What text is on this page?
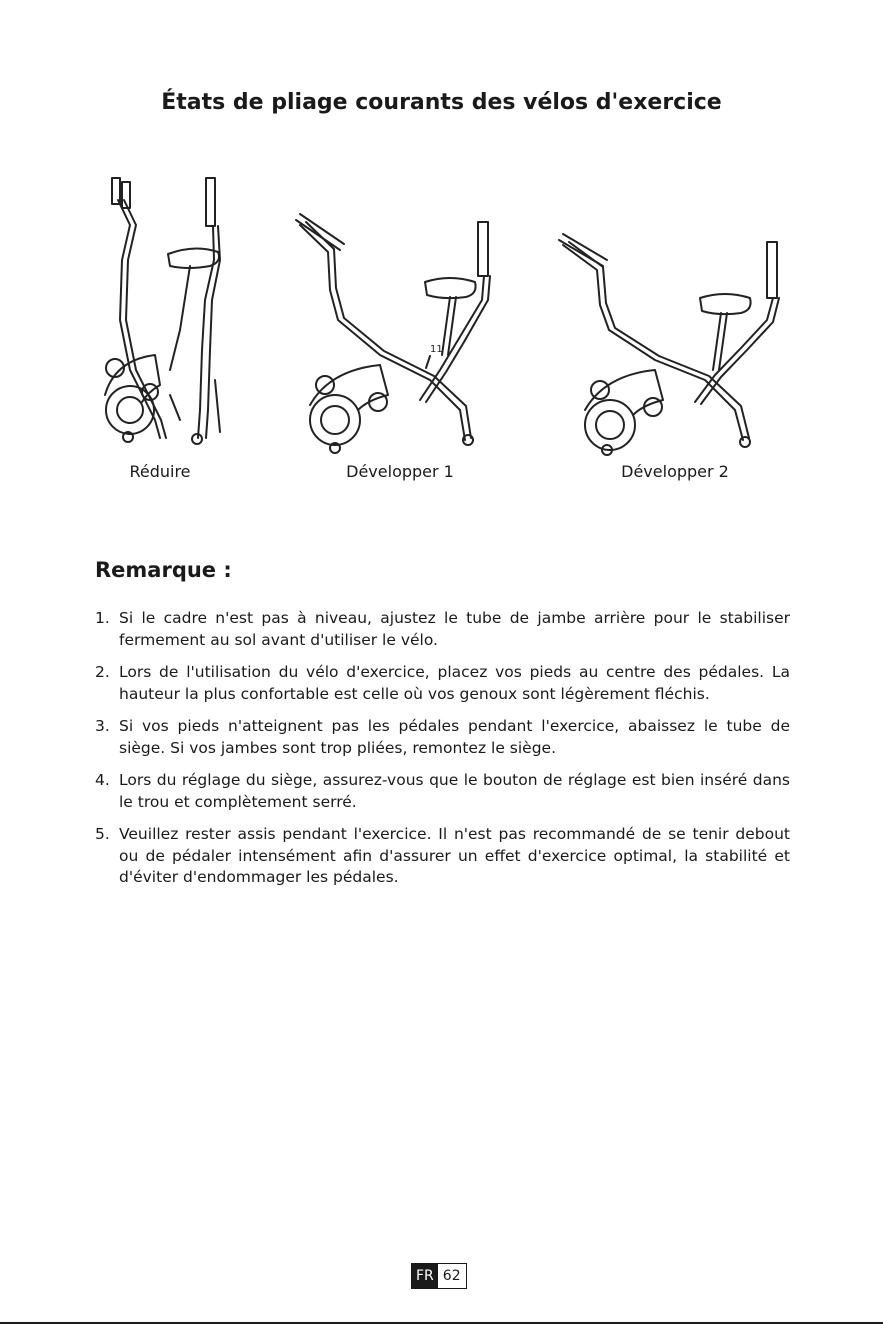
États de pliage courants des vélos d'exercice
Réduire
11
Développer 1	Développer 2
Remarque :
1. Si le cadre n'est pas à niveau, ajustez le tube de jambe arrière pour le stabiliser fermement au sol avant d'utiliser le vélo.
2. Lors de l'utilisation du vélo d'exercice, placez vos pieds au centre des pédales. La hauteur la plus confortable est celle où vos genoux sont légèrement fléchis.
3. Si vos pieds n'atteignent pas les pédales pendant l'exercice, abaissez le tube de siège. Si vos jambes sont trop pliées, remontez le siège.
4. Lors du réglage du siège, assurez-vous que le bouton de réglage est bien inséré dans le trou et complètement serré.
5. Veuillez rester assis pendant l'exercice. Il n'est pas recommandé de se tenir debout ou de pédaler intensément afin d'assurer un effet d'exercice optimal, la stabilité et d'éviter d'endommager les pédales.
FR 62
